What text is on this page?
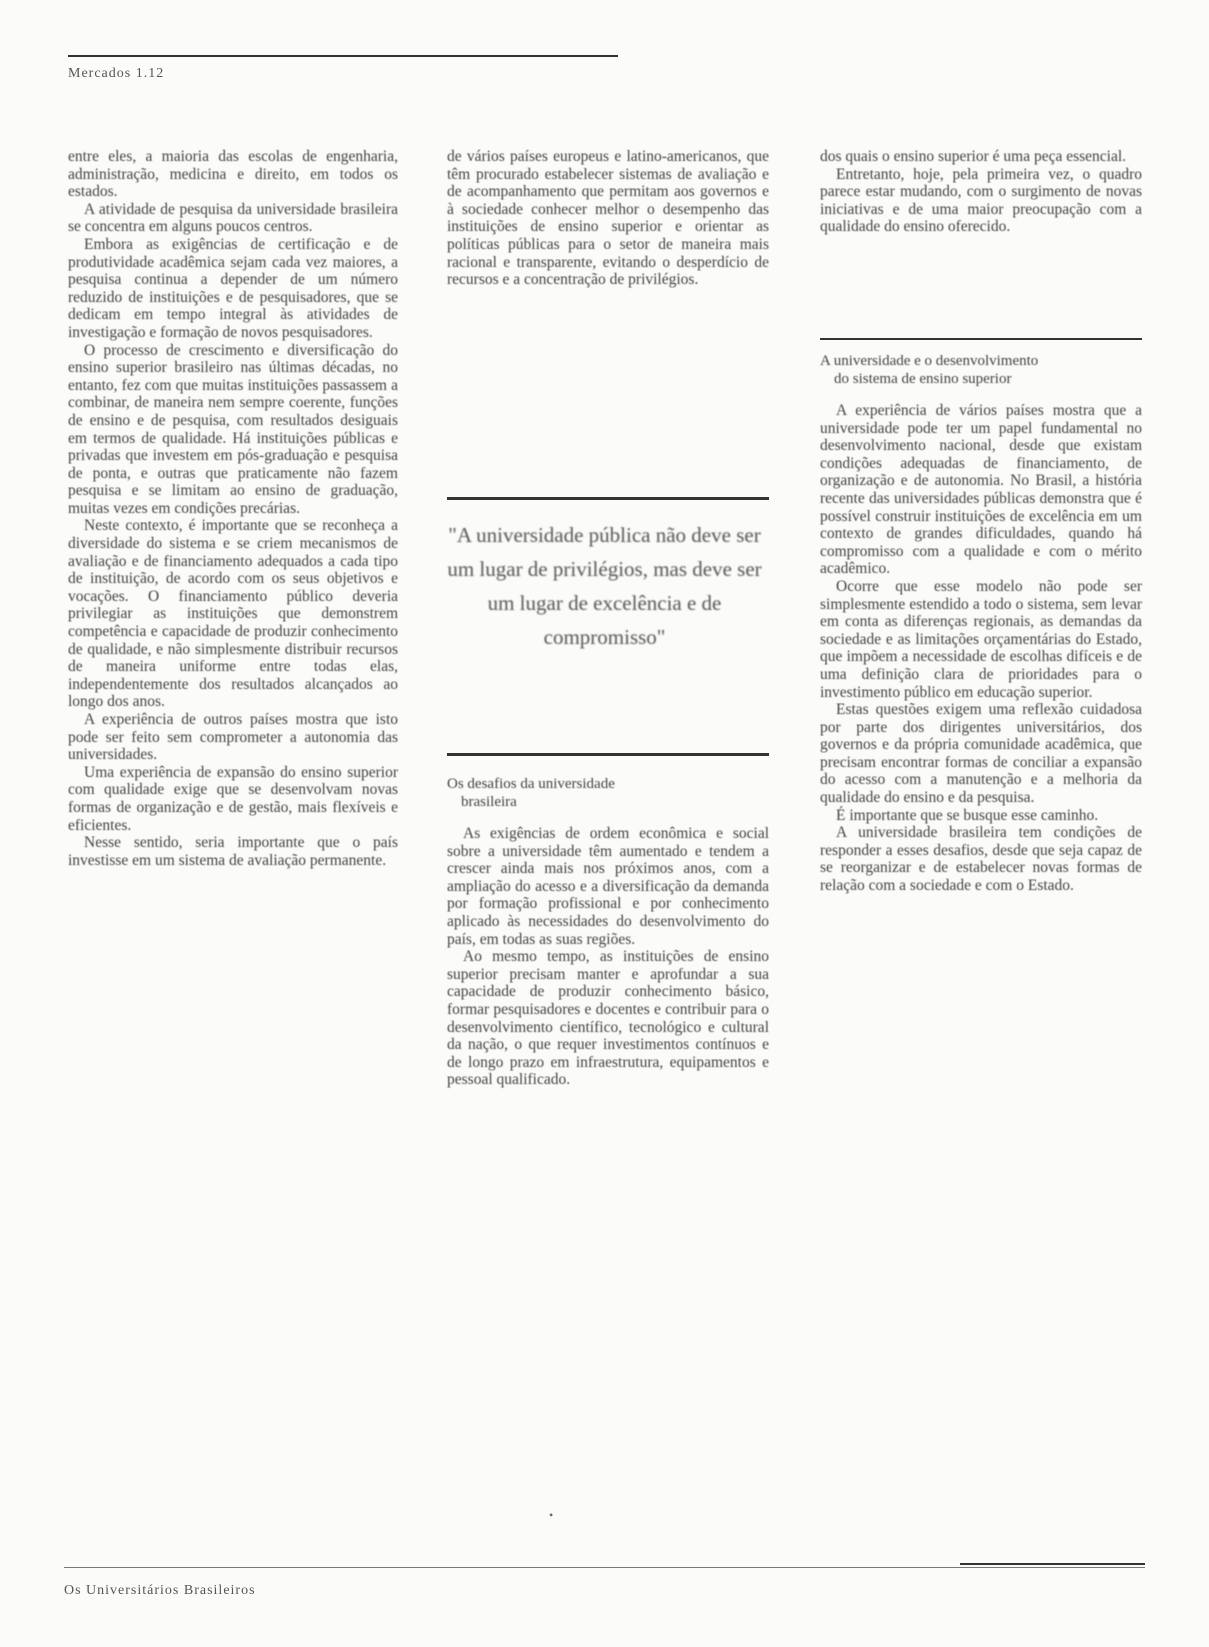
Mercados 1.12

entre eles, a maioria das escolas de engenharia, administração, medicina e direito, em todos os estados.

A atividade de pesquisa da universidade brasileira se concentra em alguns poucos centros.

Embora as exigências de certificação e de produtividade acadêmica sejam cada vez maiores, a pesquisa continua a depender de um número reduzido de instituições e de pesquisadores, que se dedicam em tempo integral às atividades de investigação e formação de novos pesquisadores.

O processo de crescimento e diversificação do ensino superior brasileiro nas últimas décadas, no entanto, fez com que muitas instituições passassem a combinar, de maneira nem sempre coerente, funções de ensino e de pesquisa, com resultados desiguais em termos de qualidade. Há instituições públicas e privadas que investem em pós-graduação e pesquisa de ponta, e outras que praticamente não fazem pesquisa e se limitam ao ensino de graduação, muitas vezes em condições precárias.

Neste contexto, é importante que se reconheça a diversidade do sistema e se criem mecanismos de avaliação e de financiamento adequados a cada tipo de instituição, de acordo com os seus objetivos e vocações. O financiamento público deveria privilegiar as instituições que demonstrem competência e capacidade de produzir conhecimento de qualidade, e não simplesmente distribuir recursos de maneira uniforme entre todas elas, independentemente dos resultados alcançados ao longo dos anos.

A experiência de outros países mostra que isto pode ser feito sem comprometer a autonomia das universidades.

Uma experiência de expansão do ensino superior com qualidade exige que se desenvolvam novas formas de organização e de gestão, mais flexíveis e eficientes.

Nesse sentido, seria importante que o país investisse em um sistema de avaliação permanente.

de vários países europeus e latino-americanos, que têm procurado estabelecer sistemas de avaliação e de acompanhamento que permitam aos governos e à sociedade conhecer melhor o desempenho das instituições de ensino superior e orientar as políticas públicas para o setor de maneira mais racional e transparente, evitando o desperdício de recursos e a concentração de privilégios.

"A universidade pública não deve ser um lugar de privilégios, mas deve ser um lugar de excelência e de compromisso"
Os desafios da universidade
brasileira

As exigências de ordem econômica e social sobre a universidade têm aumentado e tendem a crescer ainda mais nos próximos anos, com a ampliação do acesso e a diversificação da demanda por formação profissional e por conhecimento aplicado às necessidades do desenvolvimento do país, em todas as suas regiões.

Ao mesmo tempo, as instituições de ensino superior precisam manter e aprofundar a sua capacidade de produzir conhecimento básico, formar pesquisadores e docentes e contribuir para o desenvolvimento científico, tecnológico e cultural da nação, o que requer investimentos contínuos e de longo prazo em infraestrutura, equipamentos e pessoal qualificado.

dos quais o ensino superior é uma peça essencial.

Entretanto, hoje, pela primeira vez, o quadro parece estar mudando, com o surgimento de novas iniciativas e de uma maior preocupação com a qualidade do ensino oferecido.

A universidade e o desenvolvimento
do sistema de ensino superior

A experiência de vários países mostra que a universidade pode ter um papel fundamental no desenvolvimento nacional, desde que existam condições adequadas de financiamento, de organização e de autonomia. No Brasil, a história recente das universidades públicas demonstra que é possível construir instituições de excelência em um contexto de grandes dificuldades, quando há compromisso com a qualidade e com o mérito acadêmico.

Ocorre que esse modelo não pode ser simplesmente estendido a todo o sistema, sem levar em conta as diferenças regionais, as demandas da sociedade e as limitações orçamentárias do Estado, que impõem a necessidade de escolhas difíceis e de uma definição clara de prioridades para o investimento público em educação superior.

Estas questões exigem uma reflexão cuidadosa por parte dos dirigentes universitários, dos governos e da própria comunidade acadêmica, que precisam encontrar formas de conciliar a expansão do acesso com a manutenção e a melhoria da qualidade do ensino e da pesquisa.

É importante que se busque esse caminho.

A universidade brasileira tem condições de responder a esses desafios, desde que seja capaz de se reorganizar e de estabelecer novas formas de relação com a sociedade e com o Estado.

•
Os Universitários Brasileiros
